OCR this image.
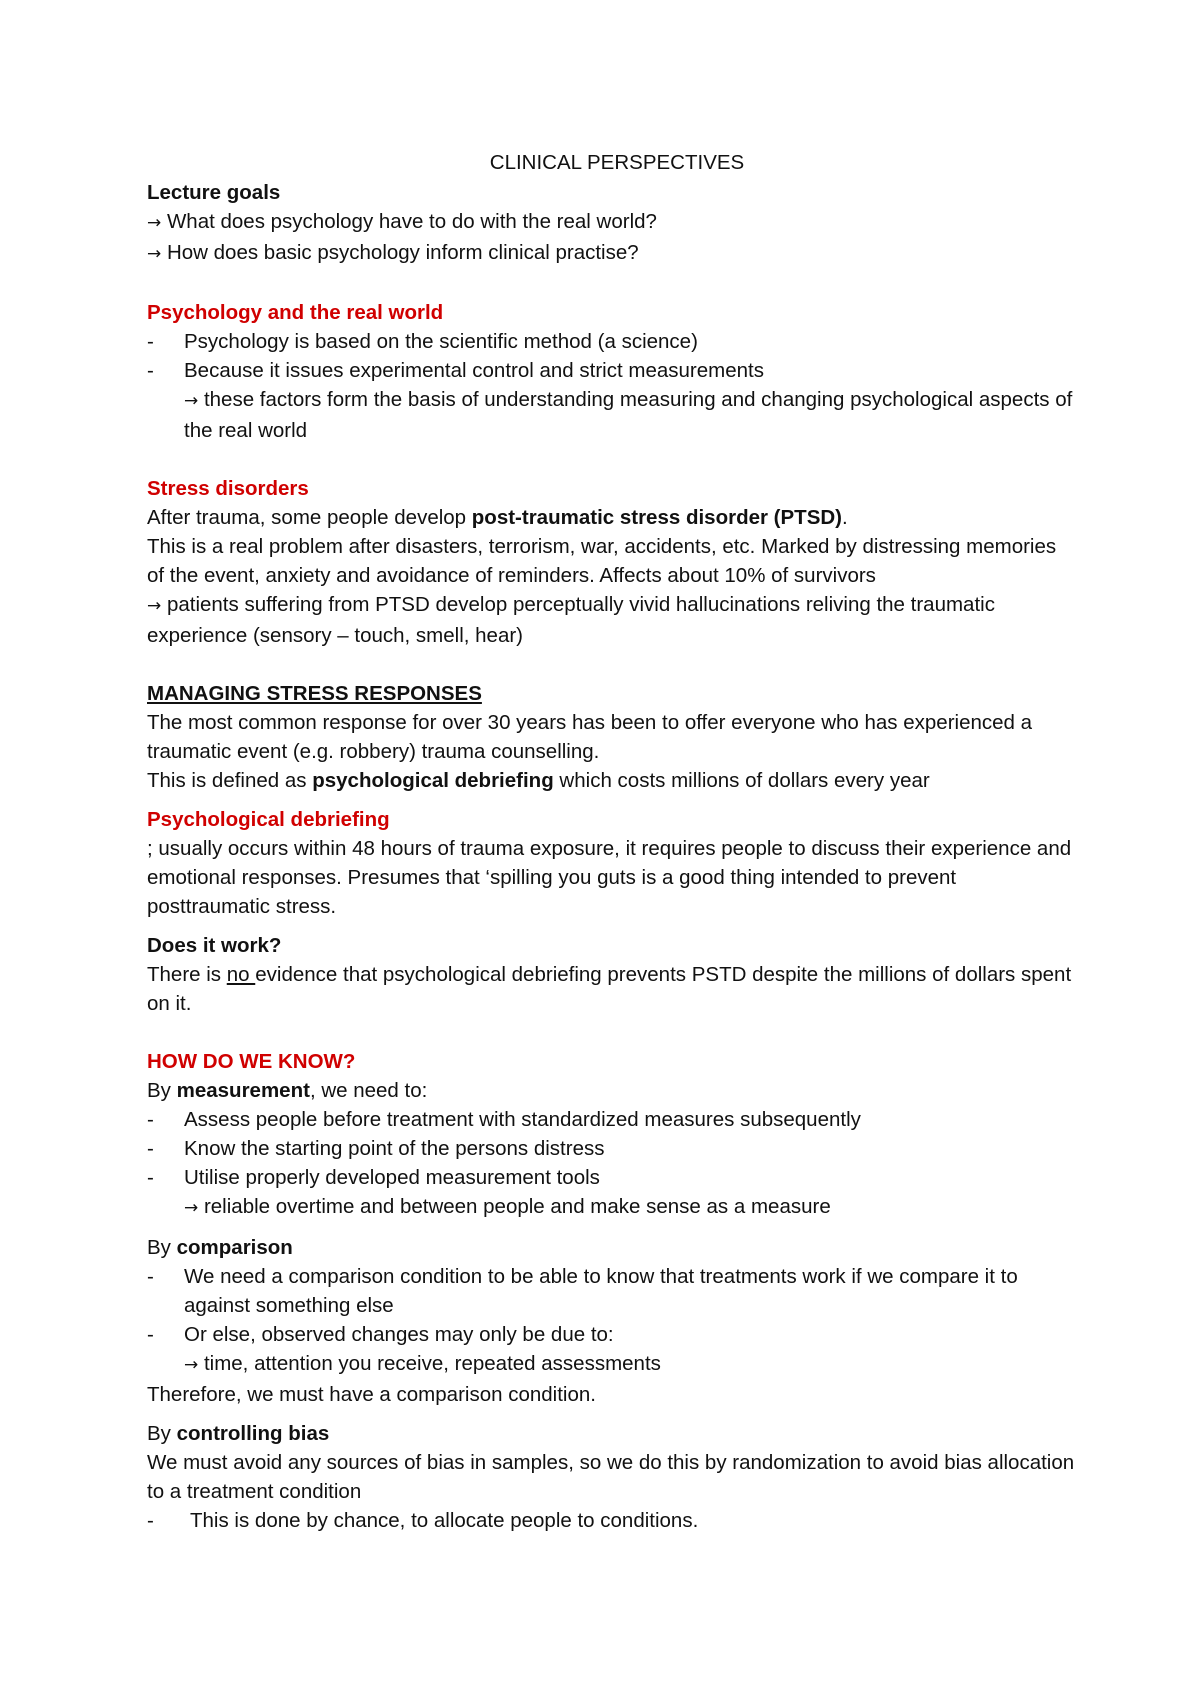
CLINICAL PERSPECTIVES

Lecture goals

→ What does psychology have to do with the real world?

→ How does basic psychology inform clinical practise?

Psychology and the real world

- Psychology is based on the scientific method (a science)
- Because it issues experimental control and strict measurements

→ these factors form the basis of understanding measuring and changing psychological aspects of the real world

Stress disorders

After trauma, some people develop post-traumatic stress disorder (PTSD).

This is a real problem after disasters, terrorism, war, accidents, etc. Marked by distressing memories of the event, anxiety and avoidance of reminders. Affects about 10% of survivors

→ patients suffering from PTSD develop perceptually vivid hallucinations reliving the traumatic experience (sensory – touch, smell, hear)

MANAGING STRESS RESPONSES

The most common response for over 30 years has been to offer everyone who has experienced a traumatic event (e.g. robbery) trauma counselling.

This is defined as psychological debriefing which costs millions of dollars every year

Psychological debriefing

; usually occurs within 48 hours of trauma exposure, it requires people to discuss their experience and emotional responses. Presumes that ‘spilling you guts is a good thing intended to prevent posttraumatic stress.

Does it work?

There is no evidence that psychological debriefing prevents PSTD despite the millions of dollars spent on it.

HOW DO WE KNOW?

By measurement, we need to:

- Assess people before treatment with standardized measures subsequently
- Know the starting point of the persons distress
- Utilise properly developed measurement tools

→ reliable overtime and between people and make sense as a measure

By comparison

- We need a comparison condition to be able to know that treatments work if we compare it to against something else
- Or else, observed changes may only be due to:

→ time, attention you receive, repeated assessments

Therefore, we must have a comparison condition.

By controlling bias

We must avoid any sources of bias in samples, so we do this by randomization to avoid bias allocation to a treatment condition

- This is done by chance, to allocate people to conditions.
